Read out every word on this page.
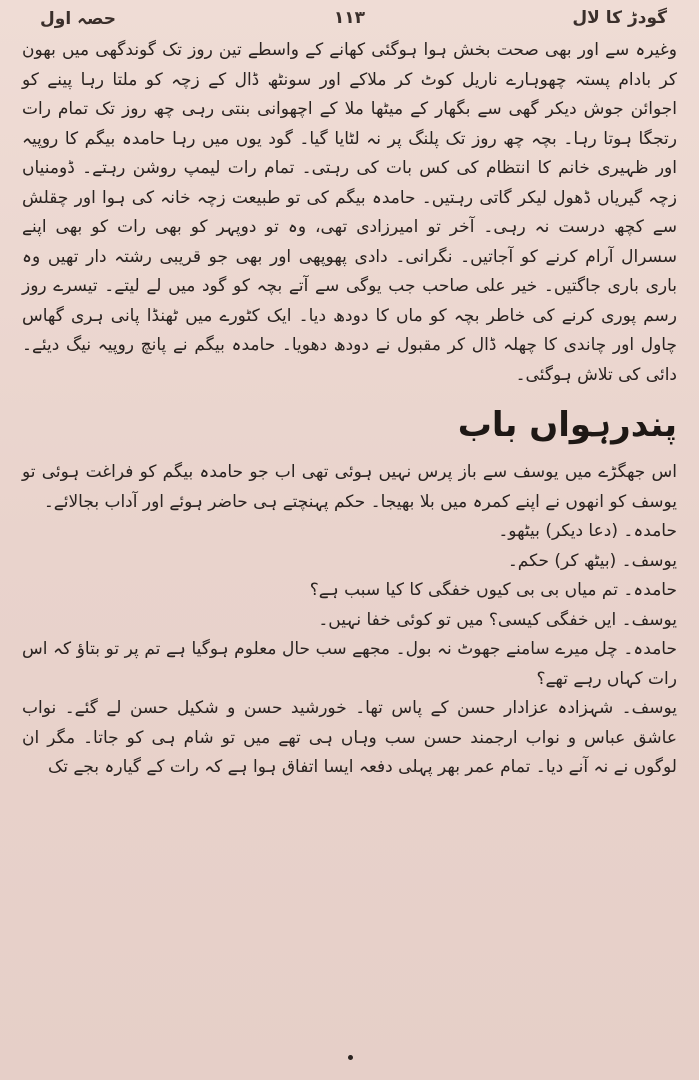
گودڑ کا لال
۱۱۳
حصہ اول

وغیرہ سے اور بھی صحت بخش ہوا ہوگئی کھانے کے واسطے تین روز تک گوندگھی میں بھون کر بادام پستہ چھوہارے ناریل کوٹ کر ملاکے اور سونٹھ ڈال کے زچہ کو ملتا رہا پینے کو اجوائن جوش دیکر گھی سے بگھار کے میٹھا ملا کے اچھوانی بنتی رہی چھ روز تک تمام رات رتجگا ہوتا رہا۔ بچہ چھ روز تک پلنگ پر نہ لٹایا گیا۔ گود یوں میں رہا حامدہ بیگم کا روپیہ اور ظہیری خانم کا انتظام کی کس بات کی رہتی۔ تمام رات لیمپ روشن رہتے۔ ڈومنیاں زچہ گیریاں ڈھول لیکر گاتی رہتیں۔ حامدہ بیگم کی تو طبیعت زچہ خانہ کی ہوا اور چقلش سے کچھ درست نہ رہی۔ آخر تو امیرزادی تھی، وہ تو دوپہر کو بھی رات کو بھی اپنے سسرال آرام کرنے کو آجاتیں۔ نگرانی۔ دادی پھوپھی اور بھی جو قریبی رشتہ دار تھیں وہ باری باری جاگتیں۔ خیر علی صاحب جب یوگی سے آتے بچہ کو گود میں لے لیتے۔ تیسرے روز رسم پوری کرنے کی خاطر بچہ کو ماں کا دودھ دیا۔ ایک کٹورے میں ٹھنڈا پانی ہری گھاس چاول اور چاندی کا چھلہ ڈال کر مقبول نے دودھ دھویا۔ حامدہ بیگم نے پانچ روپیہ نیگ دیئے۔ دائی کی تلاش ہوگئی۔

پندرہواں باب

اس جھگڑے میں یوسف سے باز پرس نہیں ہوئی تھی اب جو حامدہ بیگم کو فراغت ہوئی تو یوسف کو انھوں نے اپنے کمرہ میں بلا بھیجا۔ حکم پہنچتے ہی حاضر ہوئے اور آداب بجالائے۔

حامدہ۔ (دعا دیکر) بیٹھو۔

یوسف۔ (بیٹھ کر) حکم۔

حامدہ۔ تم میاں بی بی کیوں خفگی کا کیا سبب ہے؟

یوسف۔ ایں خفگی کیسی؟ میں تو کوئی خفا نہیں۔

حامدہ۔ چل میرے سامنے جھوٹ نہ بول۔ مجھے سب حال معلوم ہوگیا ہے تم پر تو بتاؤ کہ اس رات کہاں رہے تھے؟

یوسف۔ شہزادہ عزادار حسن کے پاس تھا۔ خورشید حسن و شکیل حسن لے گئے۔ نواب عاشق عباس و نواب ارجمند حسن سب وہاں ہی تھے میں تو شام ہی کو جاتا۔ مگر ان لوگوں نے نہ آنے دیا۔ تمام عمر بھر پہلی دفعہ ایسا اتفاق ہوا ہے کہ رات کے گیارہ بجے تک
